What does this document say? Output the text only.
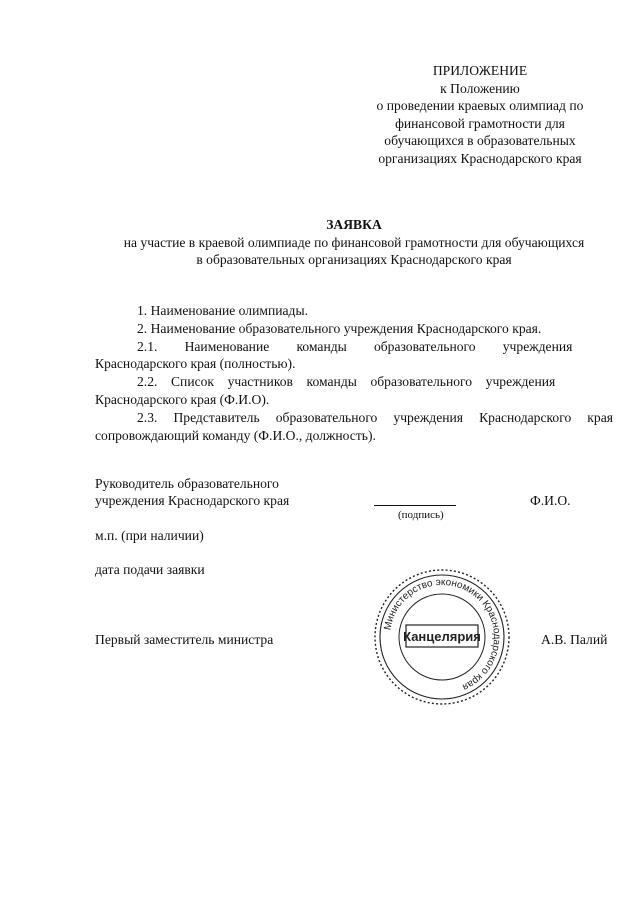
ПРИЛОЖЕНИЕ
к Положению
о проведении краевых олимпиад по
финансовой грамотности для
обучающихся в образовательных
организациях Краснодарского края
ЗАЯВКА
на участие в краевой олимпиаде по финансовой грамотности для обучающихся
в образовательных организациях Краснодарского края

1. Наименование олимпиады.

2. Наименование образовательного учреждения Краснодарского края.

2.1.        Наименование        команды        образовательного        учреждения

Краснодарского края (полностью).

2.2.    Список    участников    команды    образовательного    учреждения

Краснодарского края (Ф.И.О).

2.3. Представитель образовательного учреждения Краснодарского края сопровождающий команду (Ф.И.О., должность).

Руководитель образовательного
учреждения Краснодарского края
(подпись)
Ф.И.О.
м.п. (при наличии)
дата подачи заявки
Первый заместитель министра	А.В. Палий
Министерство экономики Краснодарского края
Канцелярия
